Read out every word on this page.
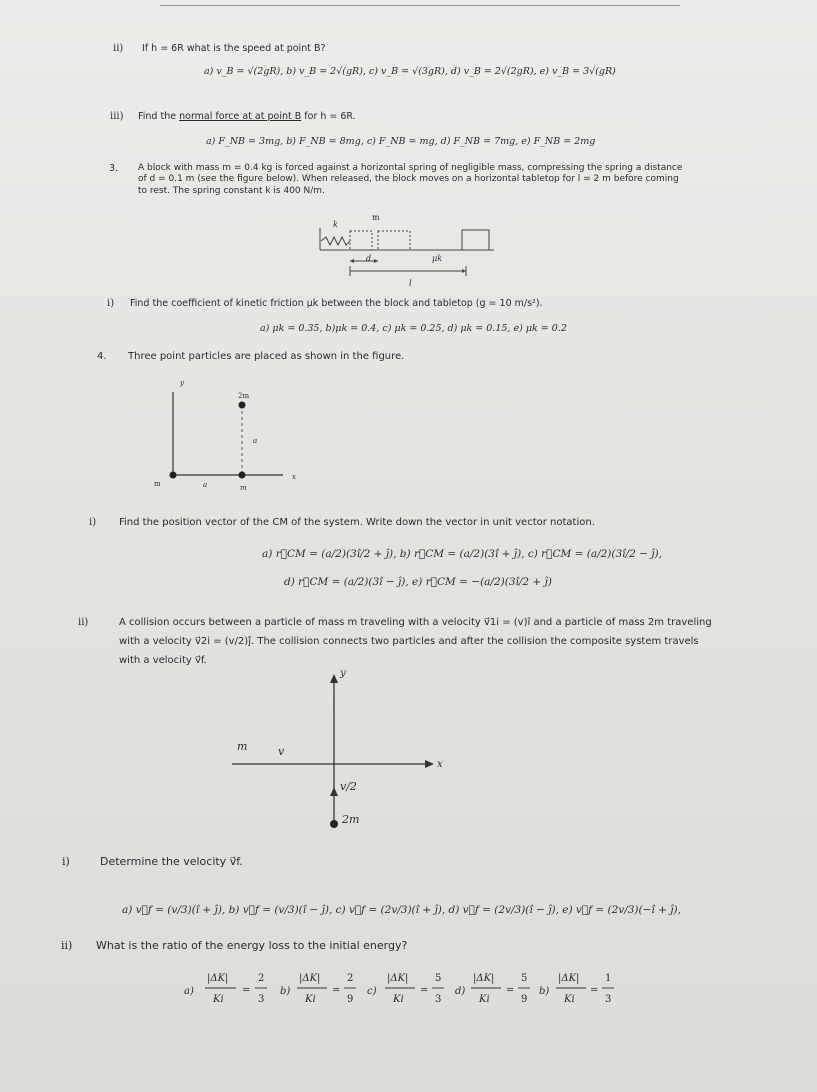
ii) If h = 6R what is the speed at point B?
a) v_B = √(2gR), b) v_B = 2√(gR), c) v_B = √(3gR), d) v_B = 2√(2gR), e) v_B = 3√(gR)
iii) Find the normal force at at point B for h = 6R.
a) F_NB = 3mg, b) F_NB = 8mg, c) F_NB = mg, d) F_NB = 7mg, e) F_NB = 2mg
3. A block with mass m = 0.4 kg is forced against a horizontal spring of negligible mass, compressing the spring a distance
of d = 0.1 m (see the figure below). When released, the block moves on a horizontal tabletop for l = 2 m before coming
to rest. The spring constant k is 400 N/m.
k
m
d	μk
l
i) Find the coefficient of kinetic friction μk between the block and tabletop (g = 10 m/s²).
a) μk = 0.35, b)μk = 0.4, c) μk = 0.25, d) μk = 0.15, e) μk = 0.2
4. Three point particles are placed as shown in the figure.
y
x
2m
a
m	a	m
i) Find the position vector of the CM of the system. Write down the vector in unit vector notation.
a) r⃗CM = (a/2)(3î/2 + ĵ), b) r⃗CM = (a/2)(3î + ĵ), c) r⃗CM = (a/2)(3î/2 − ĵ),
d) r⃗CM = (a/2)(3î − ĵ), e) r⃗CM = −(a/2)(3î/2 + ĵ)
ii)	A collision occurs between a particle of mass m traveling with a velocity v⃗1i = (v)î and a particle of mass 2m traveling
with a velocity v⃗2i = (v/2)ĵ. The collision connects two particles and after the collision the composite system travels
with a velocity v⃗f.
y
x
m	v
v/2
2m
i)	Determine the velocity v⃗f.
a) v⃗f = (v/3)(î + ĵ), b) v⃗f = (v/3)(î − ĵ), c) v⃗f = (2v/3)(î + ĵ), d) v⃗f = (2v/3)(î − ĵ), e) v⃗f = (2v/3)(−î + ĵ),
ii) What is the ratio of the energy loss to the initial energy?
a)
|ΔK|
Ki
=
2
3
b)
|ΔK|
Ki
=
2
9
c)
|ΔK|
Ki
=
5
3
d)
|ΔK|
Ki
=
5
9
b)
|ΔK|
Ki
=
1
3
